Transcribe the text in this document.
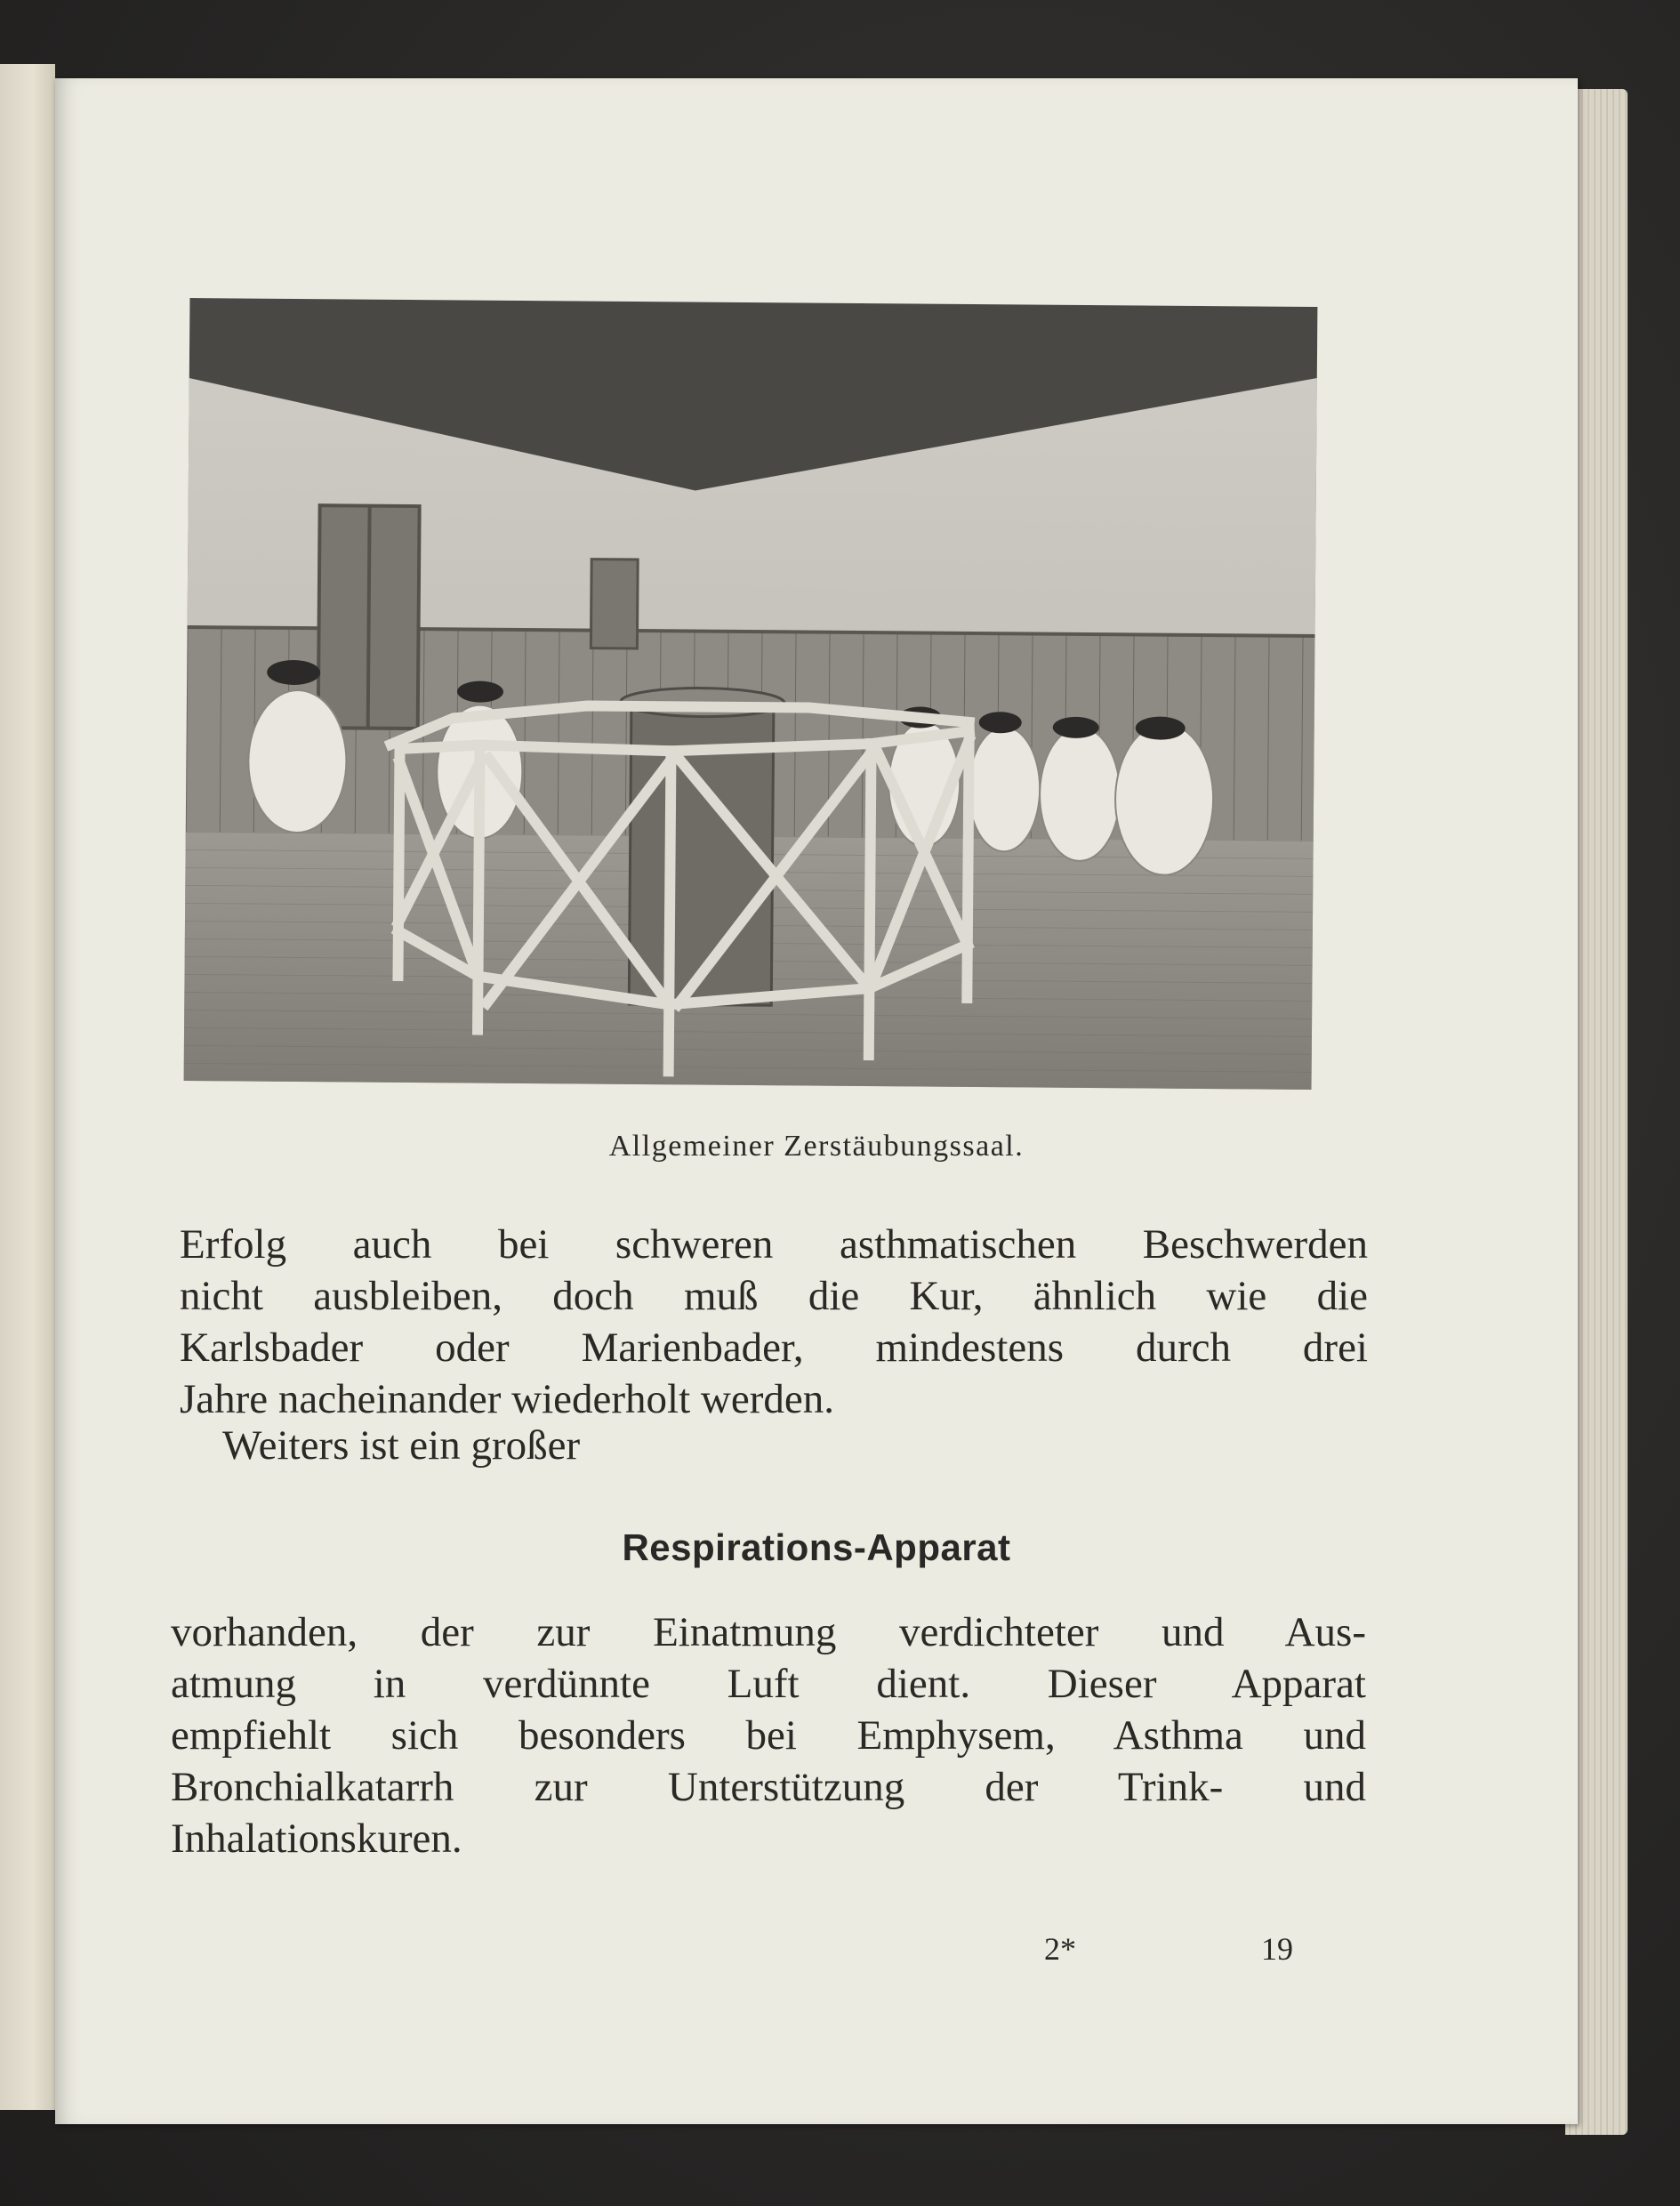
Allgemeiner Zerstäubungssaal.

Erfolg auch bei schweren asthmatischen Beschwerden
nicht ausbleiben, doch muß die Kur, ähnlich wie die
Karlsbader oder Marienbader, mindestens durch drei
Jahre nacheinander wiederholt werden.

Weiters ist ein großer

Respirations-Apparat

vorhanden, der zur Einatmung verdichteter und Aus-
atmung in verdünnte Luft dient. Dieser Apparat
empfiehlt sich besonders bei Emphysem, Asthma und
Bronchialkatarrh zur Unterstützung der Trink- und
Inhalationskuren.

2*	19
